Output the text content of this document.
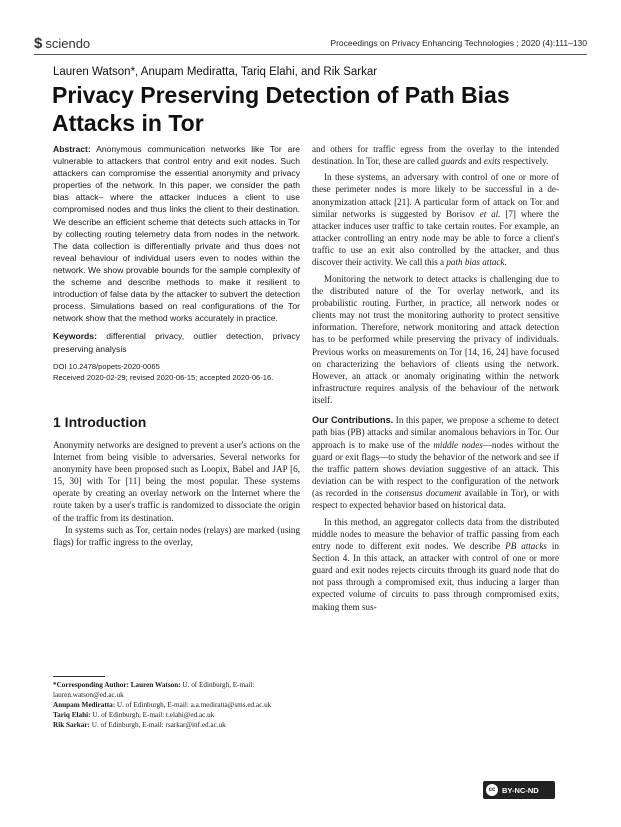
$ sciendo	Proceedings on Privacy Enhancing Technologies ; 2020 (4):111–130
Lauren Watson*, Anupam Mediratta, Tariq Elahi, and Rik Sarkar
Privacy Preserving Detection of Path Bias Attacks in Tor

Abstract: Anonymous communication networks like Tor are vulnerable to attackers that control entry and exit nodes. Such attackers can compromise the essential anonymity and privacy properties of the network. In this paper, we consider the path bias attack– where the attacker induces a client to use compromised nodes and thus links the client to their destination. We describe an efficient scheme that detects such attacks in Tor by collecting routing telemetry data from nodes in the network. The data collection is differentially private and thus does not reveal behaviour of individual users even to nodes within the network. We show provable bounds for the sample complexity of the scheme and describe methods to make it resilient to introduction of false data by the attacker to subvert the detection process. Simulations based on real configurations of the Tor network show that the method works accurately in practice.

Keywords: differential privacy, outlier detection, privacy preserving analysis

DOI 10.2478/popets-2020-0065
Received 2020-02-29; revised 2020-06-15; accepted 2020-06-16.
1 Introduction

Anonymity networks are designed to prevent a user's actions on the Internet from being visible to adversaries. Several networks for anonymity have been proposed such as Loopix, Babel and JAP [6, 15, 30] with Tor [11] being the most popular. These systems operate by creating an overlay network on the Internet where the route taken by a user's traffic is randomized to dissociate the origin of the traffic from its destination.

In systems such as Tor, certain nodes (relays) are marked (using flags) for traffic ingress to the overlay,

*Corresponding Author: Lauren Watson: U. of Edinburgh, E-mail: lauren.watson@ed.ac.uk

Anupam Mediratta: U. of Edinburgh, E-mail: a.a.mediratta@sms.ed.ac.uk

Tariq Elahi: U. of Edinburgh, E-mail: t.elahi@ed.ac.uk

Rik Sarkar: U. of Edinburgh, E-mail: rsarkar@inf.ed.ac.uk

and others for traffic egress from the overlay to the intended destination. In Tor, these are called guards and exits respectively.

In these systems, an adversary with control of one or more of these perimeter nodes is more likely to be successful in a de-anonymization attack [21]. A particular form of attack on Tor and similar networks is suggested by Borisov et al. [7] where the attacker induces user traffic to take certain routes. For example, an attacker controlling an entry node may be able to force a client's traffic to use an exit also controlled by the attacker, and thus discover their activity. We call this a path bias attack.

Monitoring the network to detect attacks is challenging due to the distributed nature of the Tor overlay network, and its probabilistic routing. Further, in practice, all network nodes or clients may not trust the monitoring authority to protect sensitive information. Therefore, network monitoring and attack detection has to be performed while preserving the privacy of individuals. Previous works on measurements on Tor [14, 16, 24] have focused on characterizing the behaviors of clients using the network. However, an attack or anomaly originating within the network infrastructure requires analysis of the behaviour of the network itself.

Our Contributions. In this paper, we propose a scheme to detect path bias (PB) attacks and similar anomalous behaviors in Tor. Our approach is to make use of the middle nodes—nodes without the guard or exit flags—to study the behavior of the network and see if the traffic pattern shows deviation suggestive of an attack. This deviation can be with respect to the configuration of the network (as recorded in the consensus document available in Tor), or with respect to expected behavior based on historical data.

In this method, an aggregator collects data from the distributed middle nodes to measure the behavior of traffic passing from each entry node to different exit nodes. We describe PB attacks in Section 4. In this attack, an attacker with control of one or more guard and exit nodes rejects circuits through its guard node that do not pass through a compromised exit, thus inducing a larger than expected volume of circuits to pass through compromised exits, making them sus-

cc BY-NC-ND
